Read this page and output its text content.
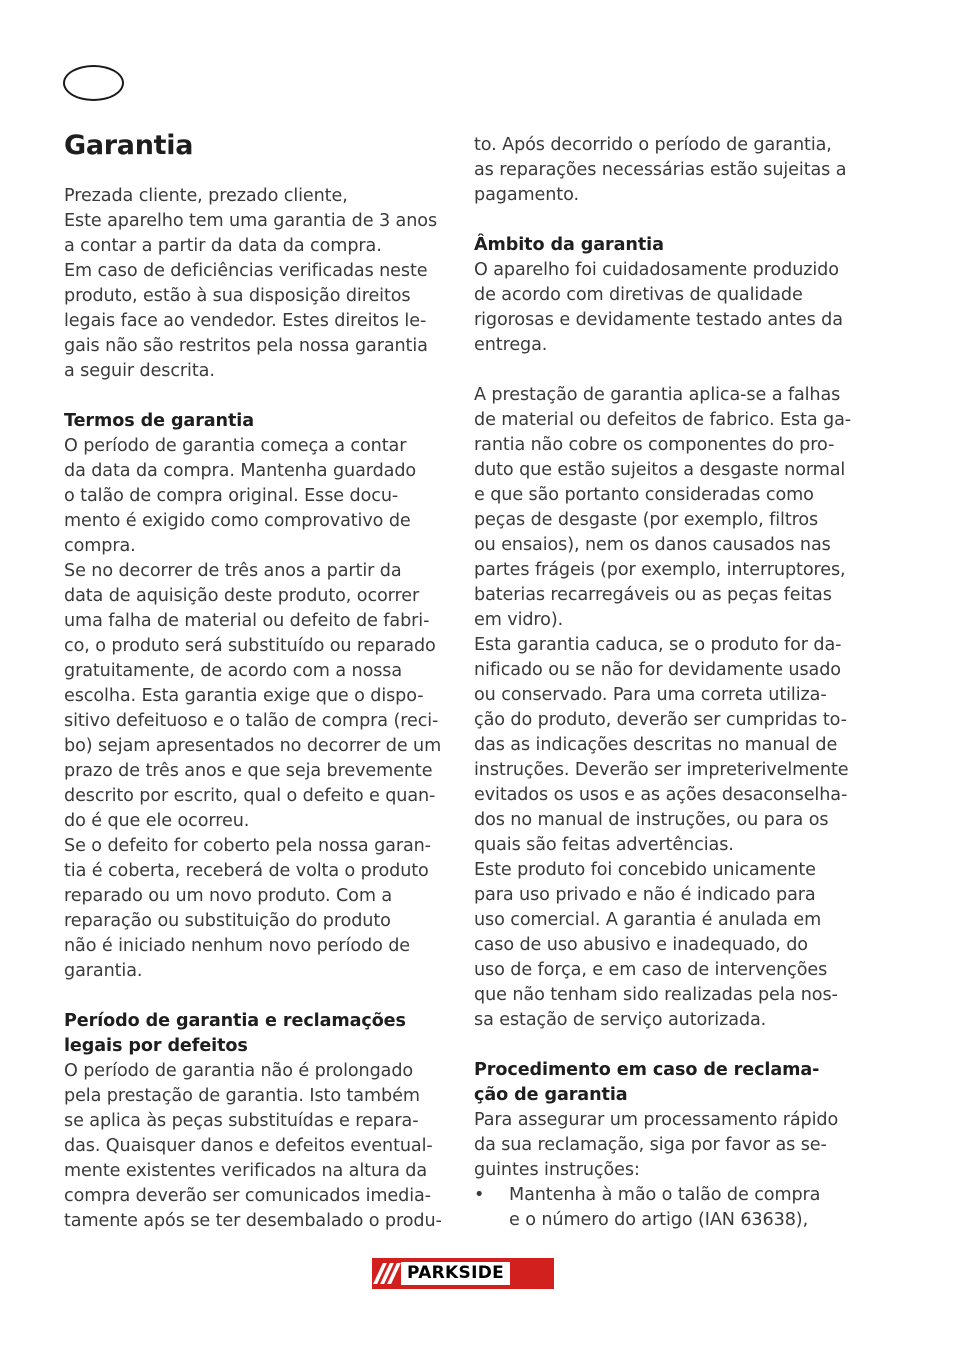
Garantia
Prezada cliente, prezado cliente,
Este aparelho tem uma garantia de 3 anos
a contar a partir da data da compra.
Em caso de deficiências verificadas neste
produto, estão à sua disposição direitos
legais face ao vendedor. Estes direitos le-
gais não são restritos pela nossa garantia
a seguir descrita.
Termos de garantia
O período de garantia começa a contar
da data da compra. Mantenha guardado
o talão de compra original. Esse docu-
mento é exigido como comprovativo de
compra.
Se no decorrer de três anos a partir da
data de aquisição deste produto, ocorrer
uma falha de material ou defeito de fabri-
co, o produto será substituído ou reparado
gratuitamente, de acordo com a nossa
escolha. Esta garantia exige que o dispo-
sitivo defeituoso e o talão de compra (reci-
bo) sejam apresentados no decorrer de um
prazo de três anos e que seja brevemente
descrito por escrito, qual o defeito e quan-
do é que ele ocorreu.
Se o defeito for coberto pela nossa garan-
tia é coberta, receberá de volta o produto
reparado ou um novo produto. Com a
reparação ou substituição do produto
não é iniciado nenhum novo período de
garantia.
Período de garantia e reclamações
legais por defeitos
O período de garantia não é prolongado
pela prestação de garantia. Isto também
se aplica às peças substituídas e repara-
das. Quaisquer danos e defeitos eventual-
mente existentes verificados na altura da
compra deverão ser comunicados imedia-
tamente após se ter desembalado o produ-
to. Após decorrido o período de garantia,
as reparações necessárias estão sujeitas a
pagamento.
Âmbito da garantia
O aparelho foi cuidadosamente produzido
de acordo com diretivas de qualidade
rigorosas e devidamente testado antes da
entrega.
A prestação de garantia aplica-se a falhas
de material ou defeitos de fabrico. Esta ga-
rantia não cobre os componentes do pro-
duto que estão sujeitos a desgaste normal
e que são portanto consideradas como
peças de desgaste (por exemplo, filtros
ou ensaios), nem os danos causados nas
partes frágeis (por exemplo, interruptores,
baterias recarregáveis ou as peças feitas
em vidro).
Esta garantia caduca, se o produto for da-
nificado ou se não for devidamente usado
ou conservado. Para uma correta utiliza-
ção do produto, deverão ser cumpridas to-
das as indicações descritas no manual de
instruções. Deverão ser impreterivelmente
evitados os usos e as ações desaconselha-
dos no manual de instruções, ou para os
quais são feitas advertências.
Este produto foi concebido unicamente
para uso privado e não é indicado para
uso comercial. A garantia é anulada em
caso de uso abusivo e inadequado, do
uso de força, e em caso de intervenções
que não tenham sido realizadas pela nos-
sa estação de serviço autorizada.
Procedimento em caso de reclama-
ção de garantia
Para assegurar um processamento rápido
da sua reclamação, siga por favor as se-
guintes instruções:
•	Mantenha à mão o talão de compra
e o número do artigo (IAN 63638),
PARKSIDE
